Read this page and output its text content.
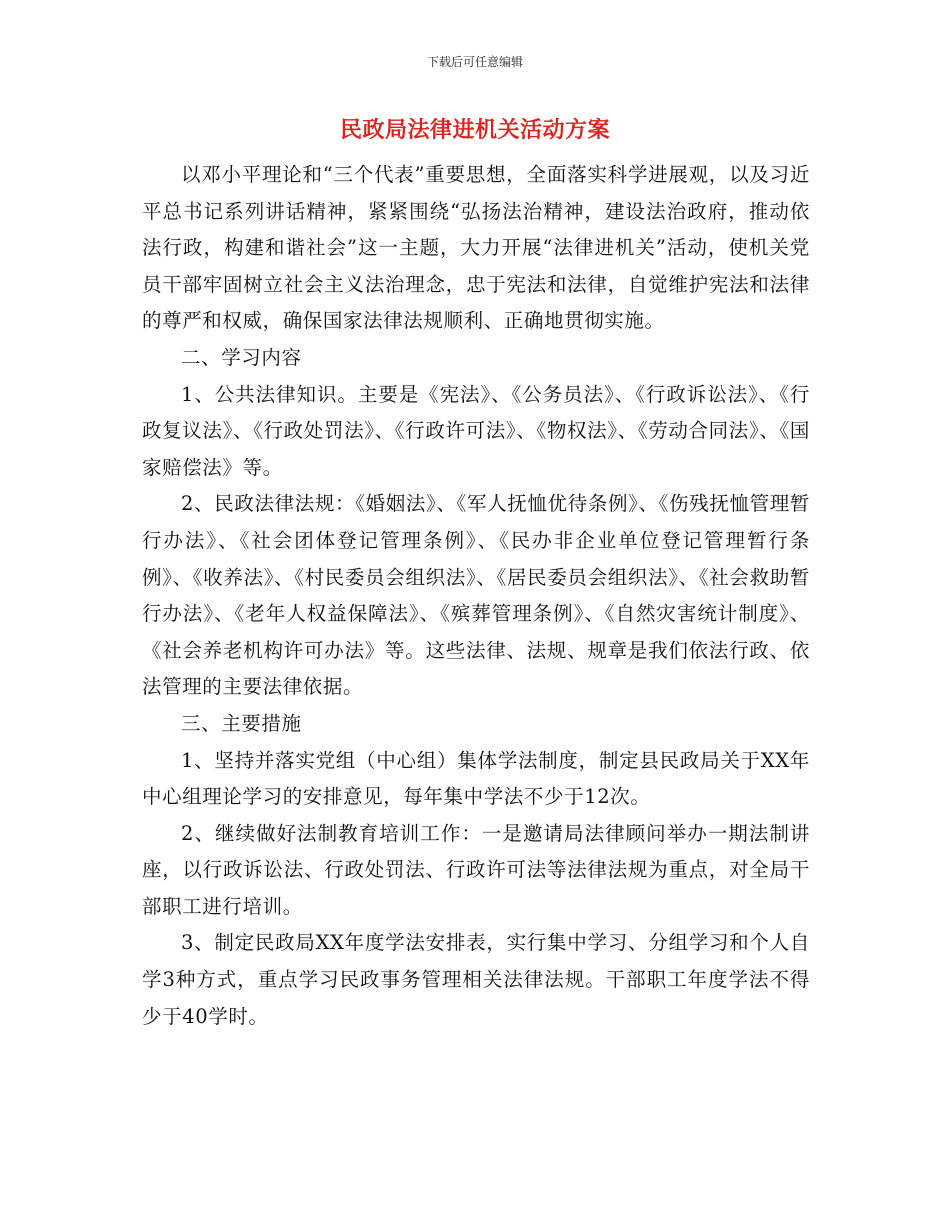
下载后可任意编辑
民政局法律进机关活动方案

以邓小平理论和“三个代表”重要思想，全面落实科学进展观，以及习近平总书记系列讲话精神，紧紧围绕“弘扬法治精神，建设法治政府，推动依法行政，构建和谐社会”这一主题，大力开展“法律进机关”活动，使机关党员干部牢固树立社会主义法治理念，忠于宪法和法律，自觉维护宪法和法律的尊严和权威，确保国家法律法规顺利、正确地贯彻实施。

二、学习内容

1、公共法律知识。主要是《宪法》、《公务员法》、《行政诉讼法》、《行政复议法》、《行政处罚法》、《行政许可法》、《物权法》、《劳动合同法》、《国家赔偿法》等。

2、民政法律法规：《婚姻法》、《军人抚恤优待条例》、《伤残抚恤管理暂行办法》、《社会团体登记管理条例》、《民办非企业单位登记管理暂行条例》、《收养法》、《村民委员会组织法》、《居民委员会组织法》、《社会救助暂行办法》、《老年人权益保障法》、《殡葬管理条例》、《自然灾害统计制度》、《社会养老机构许可办法》等。这些法律、法规、规章是我们依法行政、依法管理的主要法律依据。

三、主要措施

1、坚持并落实党组（中心组）集体学法制度，制定县民政局关于XX年中心组理论学习的安排意见，每年集中学法不少于12次。

2、继续做好法制教育培训工作：一是邀请局法律顾问举办一期法制讲座，以行政诉讼法、行政处罚法、行政许可法等法律法规为重点，对全局干部职工进行培训。

3、制定民政局XX年度学法安排表，实行集中学习、分组学习和个人自学3种方式，重点学习民政事务管理相关法律法规。干部职工年度学法不得少于40学时。
